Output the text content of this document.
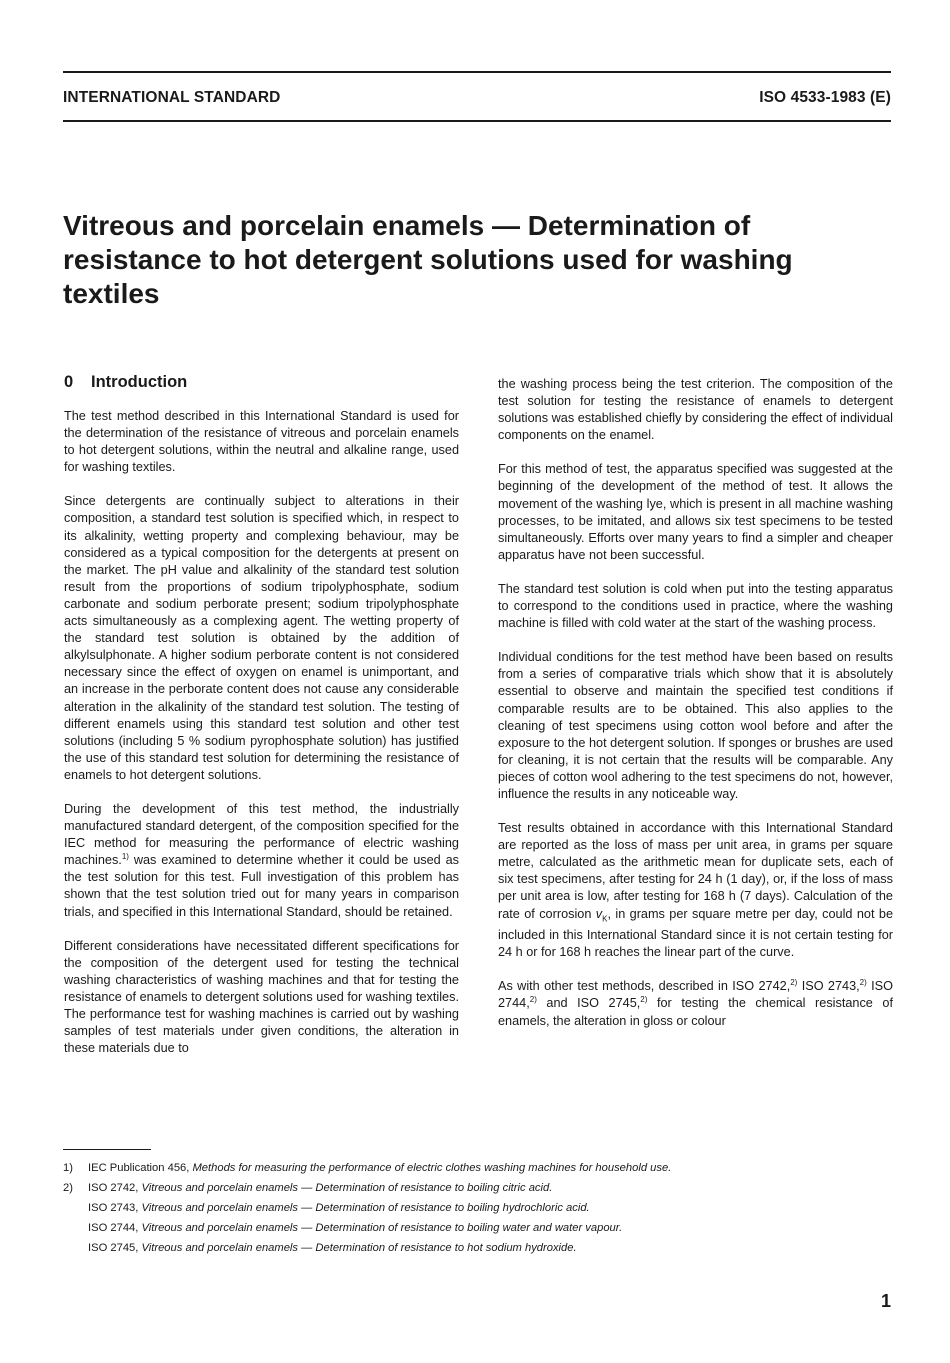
INTERNATIONAL STANDARD	ISO 4533-1983 (E)
Vitreous and porcelain enamels — Determination of resistance to hot detergent solutions used for washing textiles
0 Introduction

The test method described in this International Standard is used for the determination of the resistance of vitreous and porcelain enamels to hot detergent solutions, within the neutral and alkaline range, used for washing textiles.

Since detergents are continually subject to alterations in their composition, a standard test solution is specified which, in respect to its alkalinity, wetting property and complexing behaviour, may be considered as a typical composition for the detergents at present on the market. The pH value and alkalinity of the standard test solution result from the proportions of sodium tripolyphosphate, sodium carbonate and sodium perborate present; sodium tripolyphosphate acts simultaneously as a complexing agent. The wetting property of the standard test solution is obtained by the addition of alkylsulphonate. A higher sodium perborate content is not considered necessary since the effect of oxygen on enamel is unimportant, and an increase in the perborate content does not cause any considerable alteration in the alkalinity of the standard test solution. The testing of different enamels using this standard test solution and other test solutions (including 5 % sodium pyrophosphate solution) has justified the use of this standard test solution for determining the resistance of enamels to hot detergent solutions.

During the development of this test method, the industrially manufactured standard detergent, of the composition specified for the IEC method for measuring the performance of electric washing machines.$^{1)}$ was examined to determine whether it could be used as the test solution for this test. Full investigation of this problem has shown that the test solution tried out for many years in comparison trials, and specified in this International Standard, should be retained.

Different considerations have necessitated different specifications for the composition of the detergent used for testing the technical washing characteristics of washing machines and that for testing the resistance of enamels to detergent solutions used for washing textiles. The performance test for washing machines is carried out by washing samples of test materials under given conditions, the alteration in these materials due to

the washing process being the test criterion. The composition of the test solution for testing the resistance of enamels to detergent solutions was established chiefly by considering the effect of individual components on the enamel.

For this method of test, the apparatus specified was suggested at the beginning of the development of the method of test. It allows the movement of the washing lye, which is present in all machine washing processes, to be imitated, and allows six test specimens to be tested simultaneously. Efforts over many years to find a simpler and cheaper apparatus have not been successful.

The standard test solution is cold when put into the testing apparatus to correspond to the conditions used in practice, where the washing machine is filled with cold water at the start of the washing process.

Individual conditions for the test method have been based on results from a series of comparative trials which show that it is absolutely essential to observe and maintain the specified test conditions if comparable results are to be obtained. This also applies to the cleaning of test specimens using cotton wool before and after the exposure to the hot detergent solution. If sponges or brushes are used for cleaning, it is not certain that the results will be comparable. Any pieces of cotton wool adhering to the test specimens do not, however, influence the results in any noticeable way.

Test results obtained in accordance with this International Standard are reported as the loss of mass per unit area, in grams per square metre, calculated as the arithmetic mean for duplicate sets, each of six test specimens, after testing for 24 h (1 day), or, if the loss of mass per unit area is low, after testing for 168 h (7 days). Calculation of the rate of corrosion $v_K$, in grams per square metre per day, could not be included in this International Standard since it is not certain testing for 24 h or for 168 h reaches the linear part of the curve.

As with other test methods, described in ISO 2742,$^{2)}$ ISO 2743,$^{2)}$ ISO 2744,$^{2)}$ and ISO 2745,$^{2)}$ for testing the chemical resistance of enamels, the alteration in gloss or colour

1) IEC Publication 456, Methods for measuring the performance of electric clothes washing machines for household use.
2) ISO 2742, Vitreous and porcelain enamels — Determination of resistance to boiling citric acid.
ISO 2743, Vitreous and porcelain enamels — Determination of resistance to boiling hydrochloric acid.
ISO 2744, Vitreous and porcelain enamels — Determination of resistance to boiling water and water vapour.
ISO 2745, Vitreous and porcelain enamels — Determination of resistance to hot sodium hydroxide.
1
